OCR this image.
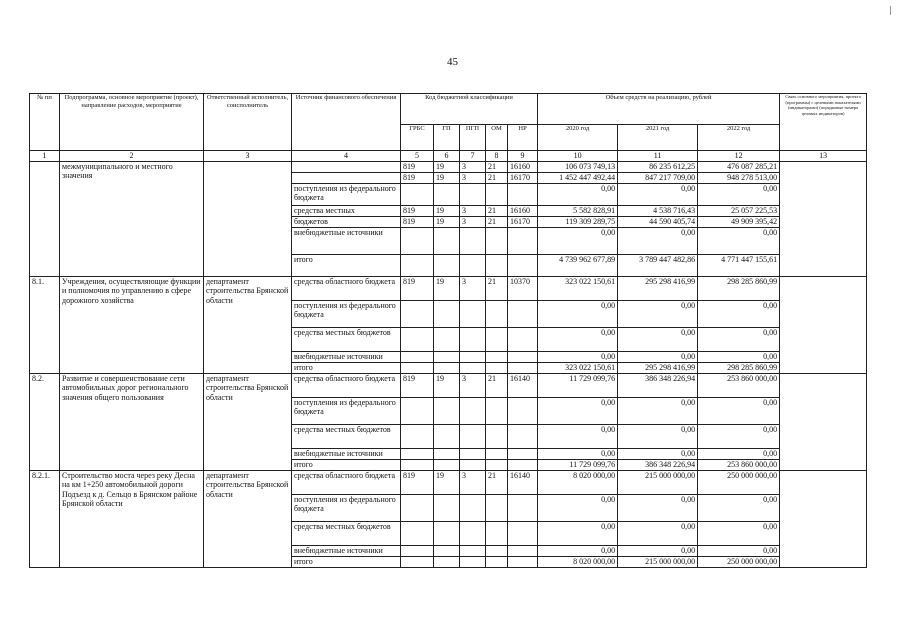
45
№ пп	Подпрограмма, основное мероприятие (проект), направление расходов, мероприятие	Ответственный исполнитель, соисполнитель	Источник финансового обеспечения	Код бюджетной классификации					Объем средств на реализацию, рублей			Связь основного мероприятия, проекта (программы) с целевыми показателями (индикаторами) (порядковые номера целевых индикаторов)
				ГРБС	ГП	ПГП	ОМ	НР	2020 год	2021 год	2022 год	
1	2	3	4	5	6	7	8	9	10	11	12	13
	межмуниципального и местного значения			819	19	3	21	16160	106 073 749,13	86 235 612,25	476 087 285,21	
				819	19	3	21	16170	1 452 447 492,44	847 217 709,00	948 278 513,00	
			поступления из федерального бюджета						0,00	0,00	0,00	
			средства местных	819	19	3	21	16160	5 582 828,91	4 538 716,43	25 057 225,53	
			бюджетов	819	19	3	21	16170	119 309 289,75	44 590 405,74	49 909 395,42	
			внебюджетные источники						0,00	0,00	0,00	
			итого						4 739 962 677,89	3 789 447 482,86	4 771 447 155,61	
8.1.	Учреждения, осуществляющие функции и полномочия по управлению в сфере дорожного хозяйства	департамент строительства Брянской области	средства областного бюджета	819	19	3	21	10370	323 022 150,61	295 298 416,99	298 285 860,99	
			поступления из федерального бюджета						0,00	0,00	0,00	
			средства местных бюджетов						0,00	0,00	0,00	
			внебюджетные источники						0,00	0,00	0,00	
			итого						323 022 150,61	295 298 416,99	298 285 860,99	
8.2.	Развитие и совершенствование сети автомобильных дорог регионального значения общего пользования	департамент строительства Брянской области	средства областного бюджета	819	19	3	21	16140	11 729 099,76	386 348 226,94	253 860 000,00	
			поступления из федерального бюджета						0,00	0,00	0,00	
			средства местных бюджетов						0,00	0,00	0,00	
			внебюджетные источники						0,00	0,00	0,00	
			итого						11 729 099,76	386 348 226,94	253 860 000,00	
8.2.1.	Строительство моста через реку Десна на км 1+250 автомобильной дороги Подъезд к д. Сельцо в Брянском районе Брянской области	департамент строительства Брянской области	средства областного бюджета	819	19	3	21	16140	8 020 000,00	215 000 000,00	250 000 000,00	
			поступления из федерального бюджета						0,00	0,00	0,00	
			средства местных бюджетов						0,00	0,00	0,00	
			внебюджетные источники						0,00	0,00	0,00	
			итого						8 020 000,00	215 000 000,00	250 000 000,00	
